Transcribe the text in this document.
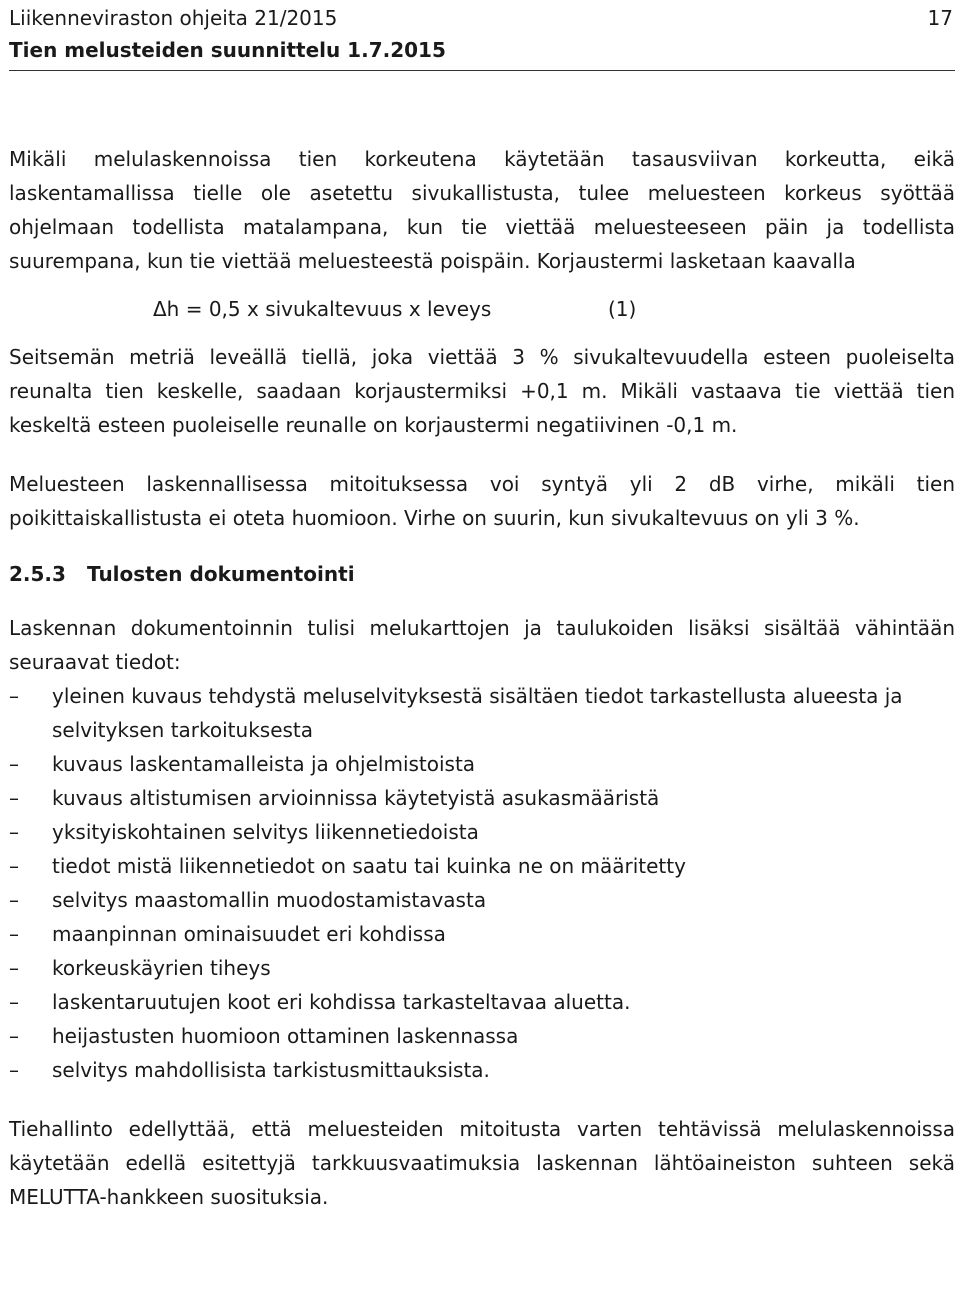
Liikenneviraston ohjeita 21/2015
Tien melusteiden suunnittelu 1.7.2015
17

Mikäli melulaskennoissa tien korkeutena käytetään tasausviivan korkeutta, eikä laskentamallissa tielle ole asetettu sivukallistusta, tulee meluesteen korkeus syöttää ohjelmaan todellista matalampana, kun tie viettää meluesteeseen päin ja todellista suurempana, kun tie viettää meluesteestä poispäin. Korjaustermi lasketaan kaavalla

Δh = 0,5 x sivukaltevuus x leveys	(1)

Seitsemän metriä leveällä tiellä, joka viettää 3 % sivukaltevuudella esteen puoleiselta reunalta tien keskelle, saadaan korjaustermiksi +0,1 m. Mikäli vastaava tie viettää tien keskeltä esteen puoleiselle reunalle on korjaustermi negatiivinen -0,1 m.

Meluesteen laskennallisessa mitoituksessa voi syntyä yli 2 dB virhe, mikäli tien poikittaiskallistusta ei oteta huomioon. Virhe on suurin, kun sivukaltevuus on yli 3 %.

2.5.3 Tulosten dokumentointi

Laskennan dokumentoinnin tulisi melukarttojen ja taulukoiden lisäksi sisältää vähintään seuraavat tiedot:

– yleinen kuvaus tehdystä meluselvityksestä sisältäen tiedot tarkastellusta alueesta ja selvityksen tarkoituksesta
– kuvaus laskentamalleista ja ohjelmistoista
– kuvaus altistumisen arvioinnissa käytetyistä asukasmääristä
– yksityiskohtainen selvitys liikennetiedoista
– tiedot mistä liikennetiedot on saatu tai kuinka ne on määritetty
– selvitys maastomallin muodostamistavasta
– maanpinnan ominaisuudet eri kohdissa
– korkeuskäyrien tiheys
– laskentaruutujen koot eri kohdissa tarkasteltavaa aluetta.
– heijastusten huomioon ottaminen laskennassa
– selvitys mahdollisista tarkistusmittauksista.

Tiehallinto edellyttää, että meluesteiden mitoitusta varten tehtävissä melulaskennoissa käytetään edellä esitettyjä tarkkuusvaatimuksia laskennan lähtöaineiston suhteen sekä MELUTTA-hankkeen suosituksia.
